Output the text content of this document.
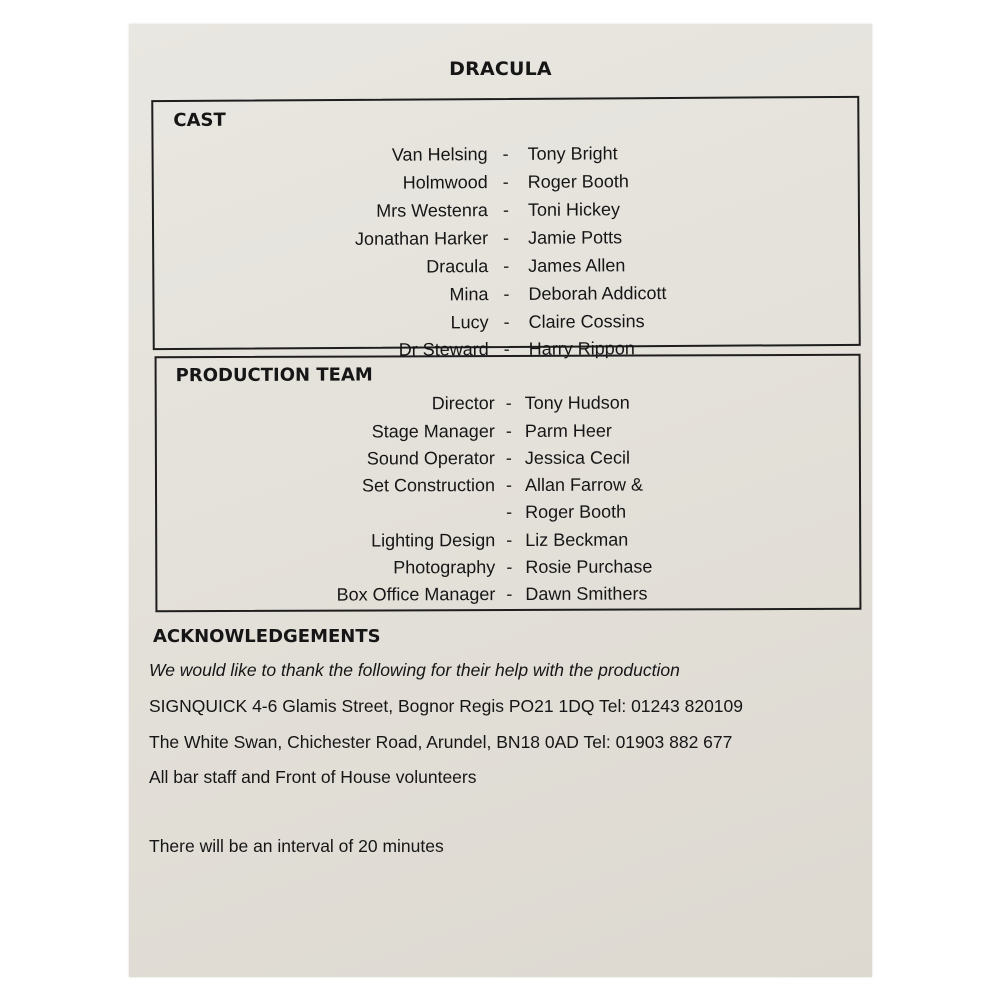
DRACULA
CAST
Van Helsing - Tony Bright
Holmwood - Roger Booth
Mrs Westenra - Toni Hickey
Jonathan Harker - Jamie Potts
Dracula - James Allen
Mina - Deborah Addicott
Lucy - Claire Cossins
Dr Steward - Harry Rippon
PRODUCTION TEAM
Director - Tony Hudson
Stage Manager - Parm Heer
Sound Operator - Jessica Cecil
Set Construction - Allan Farrow &
- Roger Booth
Lighting Design - Liz Beckman
Photography - Rosie Purchase
Box Office Manager - Dawn Smithers
ACKNOWLEDGEMENTS
We would like to thank the following for their help with the production
SIGNQUICK 4-6 Glamis Street, Bognor Regis PO21 1DQ Tel: 01243 820109
The White Swan, Chichester Road, Arundel, BN18 0AD Tel: 01903 882 677
All bar staff and Front of House volunteers
There will be an interval of 20 minutes
